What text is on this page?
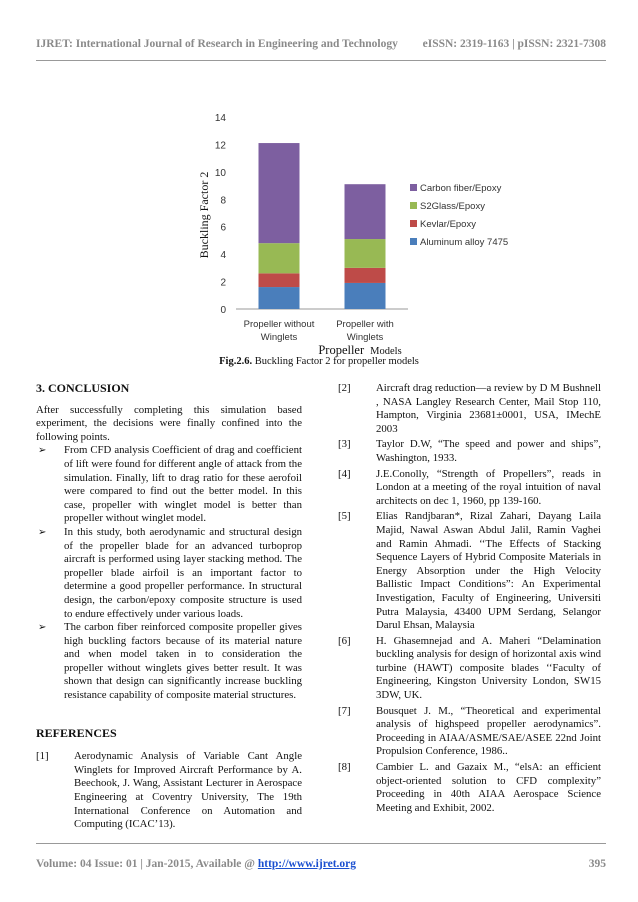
IJRET: International Journal of Research in Engineering and Technology eISSN: 2319-1163 | pISSN: 2321-7308
Buckling Factor 2
Propeller Models
0
2
4
6
8
10
12
14
Propeller without
Winglets
Propeller with
Winglets
Carbon fiber/Epoxy
S2Glass/Epoxy
Kevlar/Epoxy
Aluminum alloy 7475
Fig.2.6. Buckling Factor 2 for propeller models
3. CONCLUSION

After successfully completing this simulation based experiment, the decisions were finally confined into the following points.

➢	From CFD analysis Coefficient of drag and coefficient of lift were found for different angle of attack from the simulation. Finally, lift to drag ratio for these aerofoil were compared to find out the better model. In this case, propeller with winglet model is better than propeller without winglet model.
➢	In this study, both aerodynamic and structural design of the propeller blade for an advanced turboprop aircraft is performed using layer stacking method. The propeller blade airfoil is an important factor to determine a good propeller performance. In structural design, the carbon/epoxy composite structure is used to endure effectively under various loads.
➢	The carbon fiber reinforced composite propeller gives high buckling factors because of its material nature and when model taken in to consideration the propeller without winglets gives better result. It was shown that design can significantly increase buckling resistance capability of composite material structures.
REFERENCES
[1]	Aerodynamic Analysis of Variable Cant Angle Winglets for Improved Aircraft Performance by A. Beechook, J. Wang, Assistant Lecturer in Aerospace Engineering at Coventry University, The 19th International Conference on Automation and Computing (ICAC’13).
[2]	Aircraft drag reduction—a review by D M Bushnell , NASA Langley Research Center, Mail Stop 110, Hampton, Virginia 23681±0001, USA, IMechE 2003
[3]	Taylor D.W, “The speed and power and ships”, Washington, 1933.
[4]	J.E.Conolly, “Strength of Propellers”, reads in London at a meeting of the royal intuition of naval architects on dec 1, 1960, pp 139-160.
[5]	Elias Randjbaran*, Rizal Zahari, Dayang Laila Majid, Nawal Aswan Abdul Jalil, Ramin Vaghei and Ramin Ahmadi. ‘‘The Effects of Stacking Sequence Layers of Hybrid Composite Materials in Energy Absorption under the High Velocity Ballistic Impact Conditions”: An Experimental Investigation, Faculty of Engineering, Universiti Putra Malaysia, 43400 UPM Serdang, Selangor Darul Ehsan, Malaysia
[6]	H. Ghasemnejad and A. Maheri “Delamination buckling analysis for design of horizontal axis wind turbine (HAWT) composite blades ‘‘Faculty of Engineering, Kingston University London, SW15 3DW, UK.
[7]	Bousquet J. M., “Theoretical and experimental analysis of highspeed propeller aerodynamics”. Proceeding in AIAA/ASME/SAE/ASEE 22nd Joint Propulsion Conference, 1986..
[8]	Cambier L. and Gazaix M., “elsA: an efficient object-oriented solution to CFD complexity” Proceeding in 40th AIAA Aerospace Science Meeting and Exhibit, 2002.
Volume: 04 Issue: 01 | Jan-2015, Available @ http://www.ijret.org	395
